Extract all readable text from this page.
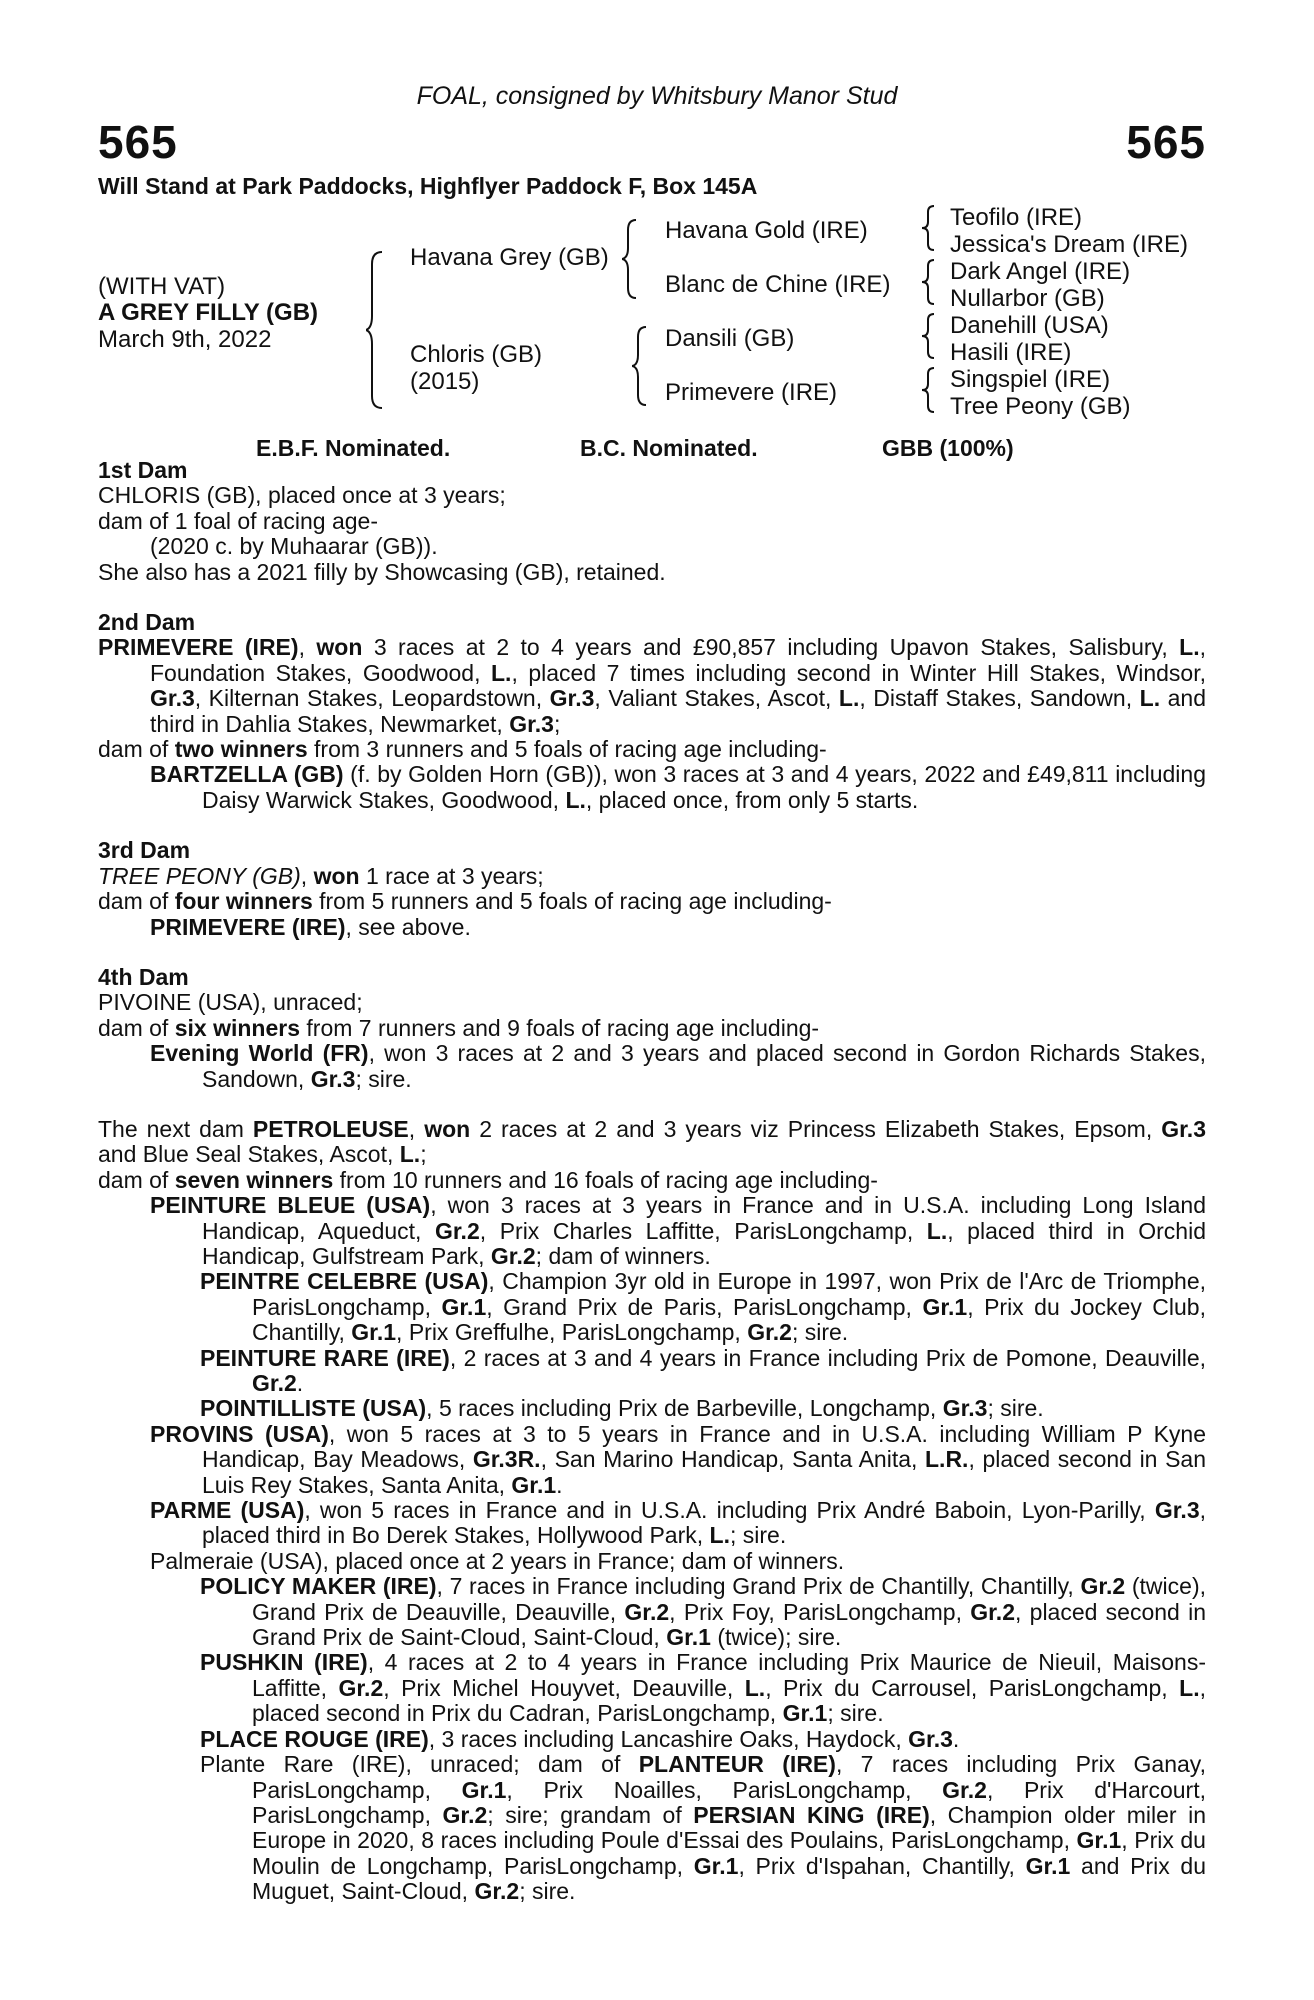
FOAL, consigned by Whitsbury Manor Stud
565	565
Will Stand at Park Paddocks, Highflyer Paddock F, Box 145A
(WITH VAT)
A GREY FILLY (GB)
March 9th, 2022
Havana Grey (GB)
Chloris (GB)
(2015)
Havana Gold (IRE)
Blanc de Chine (IRE)
Dansili (GB)
Primevere (IRE)
Teofilo (IRE)
Jessica's Dream (IRE)
Dark Angel (IRE)
Nullarbor (GB)
Danehill (USA)
Hasili (IRE)
Singspiel (IRE)
Tree Peony (GB)
E.B.F. Nominated.	B.C. Nominated.	GBB (100%)
1st Dam
CHLORIS (GB), placed once at 3 years;
dam of 1 foal of racing age-
(2020 c. by Muhaarar (GB)).
She also has a 2021 filly by Showcasing (GB), retained.
2nd Dam
PRIMEVERE (IRE), won 3 races at 2 to 4 years and £90,857 including Upavon Stakes, Salisbury, L., Foundation Stakes, Goodwood, L., placed 7 times including second in Winter Hill Stakes, Windsor, Gr.3, Kilternan Stakes, Leopardstown, Gr.3, Valiant Stakes, Ascot, L., Distaff Stakes, Sandown, L. and third in Dahlia Stakes, Newmarket, Gr.3;
dam of two winners from 3 runners and 5 foals of racing age including-
BARTZELLA (GB) (f. by Golden Horn (GB)), won 3 races at 3 and 4 years, 2022 and £49,811 including Daisy Warwick Stakes, Goodwood, L., placed once, from only 5 starts.
3rd Dam
TREE PEONY (GB), won 1 race at 3 years;
dam of four winners from 5 runners and 5 foals of racing age including-
PRIMEVERE (IRE), see above.
4th Dam
PIVOINE (USA), unraced;
dam of six winners from 7 runners and 9 foals of racing age including-
Evening World (FR), won 3 races at 2 and 3 years and placed second in Gordon Richards Stakes, Sandown, Gr.3; sire.
The next dam PETROLEUSE, won 2 races at 2 and 3 years viz Princess Elizabeth Stakes, Epsom, Gr.3 and Blue Seal Stakes, Ascot, L.;
dam of seven winners from 10 runners and 16 foals of racing age including-
PEINTURE BLEUE (USA), won 3 races at 3 years in France and in U.S.A. including Long Island Handicap, Aqueduct, Gr.2, Prix Charles Laffitte, ParisLongchamp, L., placed third in Orchid Handicap, Gulfstream Park, Gr.2; dam of winners.
PEINTRE CELEBRE (USA), Champion 3yr old in Europe in 1997, won Prix de l'Arc de Triomphe, ParisLongchamp, Gr.1, Grand Prix de Paris, ParisLongchamp, Gr.1, Prix du Jockey Club, Chantilly, Gr.1, Prix Greffulhe, ParisLongchamp, Gr.2; sire.
PEINTURE RARE (IRE), 2 races at 3 and 4 years in France including Prix de Pomone, Deauville, Gr.2.
POINTILLISTE (USA), 5 races including Prix de Barbeville, Longchamp, Gr.3; sire.
PROVINS (USA), won 5 races at 3 to 5 years in France and in U.S.A. including William P Kyne Handicap, Bay Meadows, Gr.3R., San Marino Handicap, Santa Anita, L.R., placed second in San Luis Rey Stakes, Santa Anita, Gr.1.
PARME (USA), won 5 races in France and in U.S.A. including Prix André Baboin, Lyon-Parilly, Gr.3, placed third in Bo Derek Stakes, Hollywood Park, L.; sire.
Palmeraie (USA), placed once at 2 years in France; dam of winners.
POLICY MAKER (IRE), 7 races in France including Grand Prix de Chantilly, Chantilly, Gr.2 (twice), Grand Prix de Deauville, Deauville, Gr.2, Prix Foy, ParisLongchamp, Gr.2, placed second in Grand Prix de Saint-Cloud, Saint-Cloud, Gr.1 (twice); sire.
PUSHKIN (IRE), 4 races at 2 to 4 years in France including Prix Maurice de Nieuil, Maisons-Laffitte, Gr.2, Prix Michel Houyvet, Deauville, L., Prix du Carrousel, ParisLongchamp, L., placed second in Prix du Cadran, ParisLongchamp, Gr.1; sire.
PLACE ROUGE (IRE), 3 races including Lancashire Oaks, Haydock, Gr.3.
Plante Rare (IRE), unraced; dam of PLANTEUR (IRE), 7 races including Prix Ganay, ParisLongchamp, Gr.1, Prix Noailles, ParisLongchamp, Gr.2, Prix d'Harcourt, ParisLongchamp, Gr.2; sire; grandam of PERSIAN KING (IRE), Champion older miler in Europe in 2020, 8 races including Poule d'Essai des Poulains, ParisLongchamp, Gr.1, Prix du Moulin de Longchamp, ParisLongchamp, Gr.1, Prix d'Ispahan, Chantilly, Gr.1 and Prix du Muguet, Saint-Cloud, Gr.2; sire.
